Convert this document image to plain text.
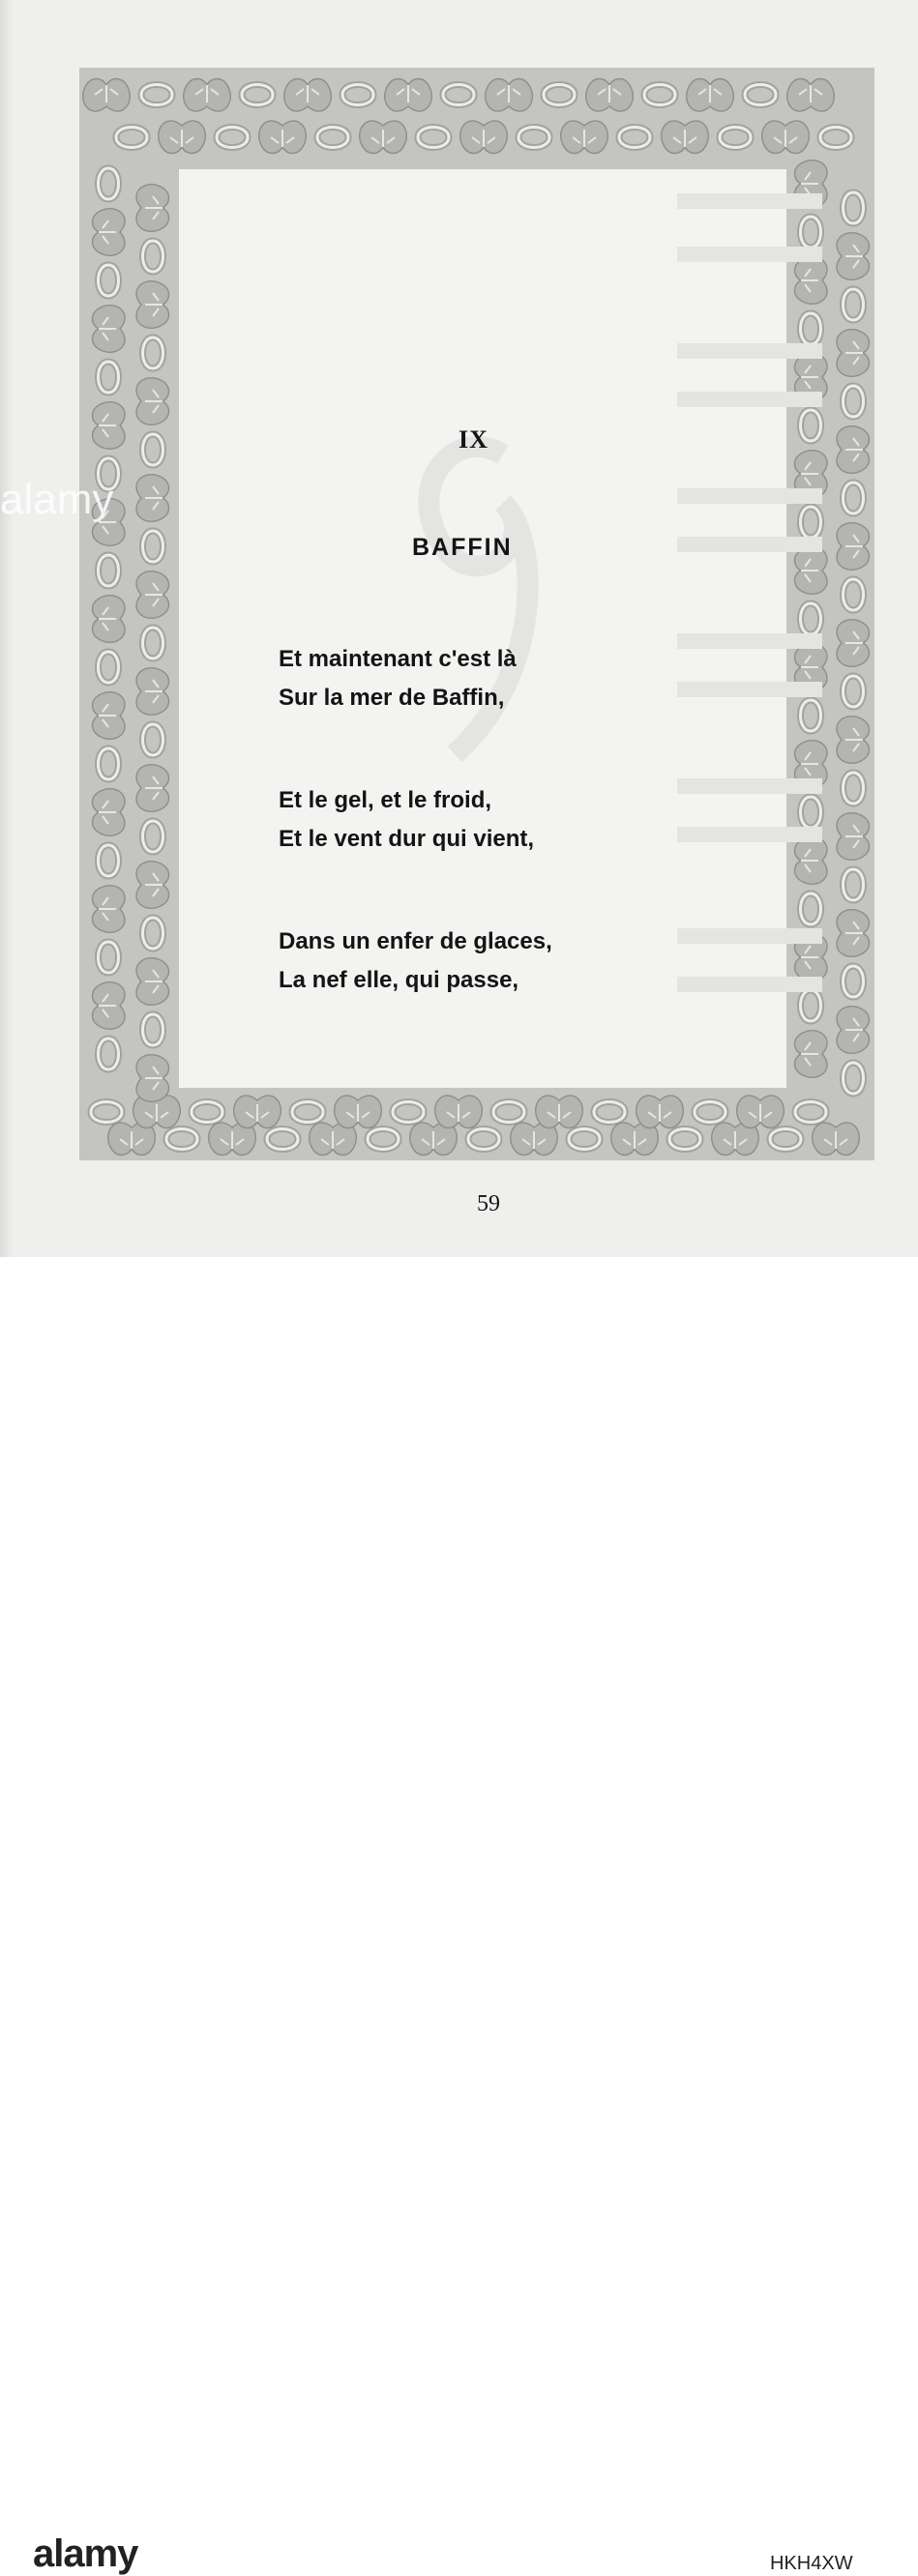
IX
BAFFIN
Et maintenant c'est là
Sur la mer de Baffin,
Et le gel, et le froid,
Et le vent dur qui vient,
Dans un enfer de glaces,
La nef elle, qui passe,
59
alamy
alamy	HKH4XW
